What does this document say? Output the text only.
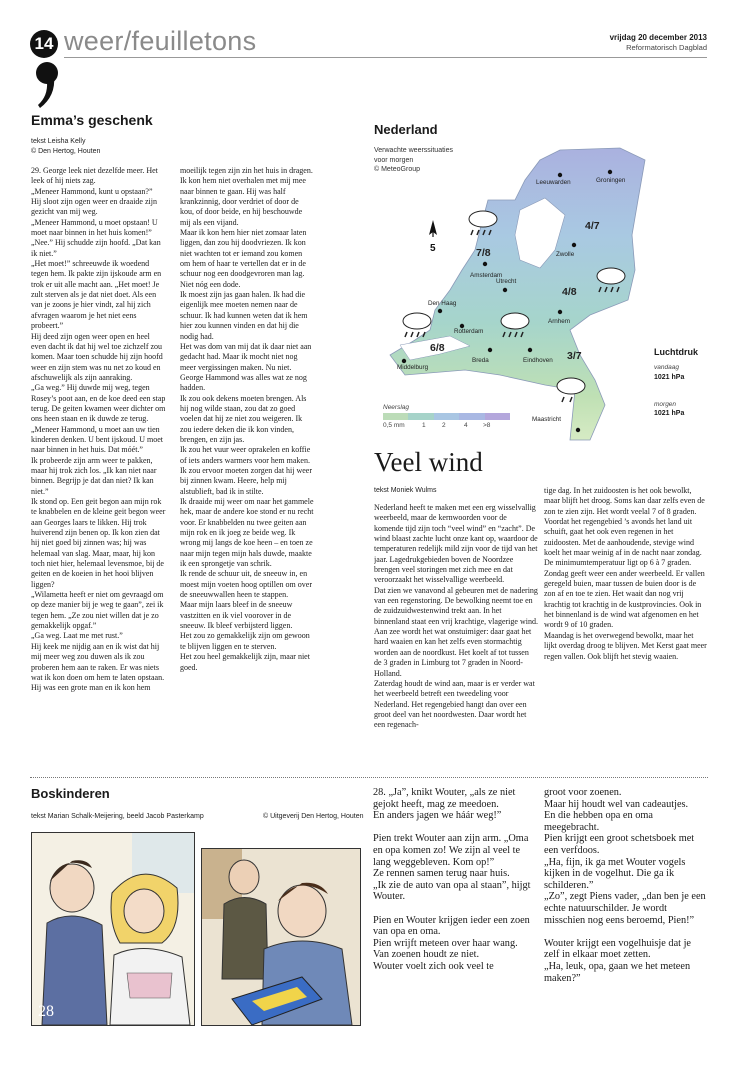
14 weer/feuilletons	vrijdag 20 december 2013
Reformatorisch Dagblad
Emma’s geschenk
tekst Leisha Kelly
© Den Hertog, Houten
29. George leek niet dezelfde meer. Het leek of hij niets zag.
„Meneer Hammond, kunt u opstaan?”
Hij sloot zijn ogen weer en draaide zijn gezicht van mij weg.
„Meneer Hammond, u moet opstaan! U moet naar binnen in het huis komen!”
„Nee.” Hij schudde zijn hoofd. „Dat kan ik niet.”
„Het moet!” schreeuwde ik woedend tegen hem. Ik pakte zijn ijskoude arm en trok er uit alle macht aan. „Het moet! Je zult sterven als je dat niet doet. Als een van je zoons je hier vindt, zal hij zich afvragen waarom je het niet eens probeert.”
Hij deed zijn ogen weer open en heel even dacht ik dat hij wel toe zichzelf zou komen. Maar toen schudde hij zijn hoofd weer en zijn stem was nu net zo koud en afschuwelijk als zijn aanraking.
„Ga weg.” Hij duwde mij weg, tegen Rosey’s poot aan, en de koe deed een stap terug. De geiten kwamen weer dichter om ons heen staan en ik duwde ze terug.
„Meneer Hammond, u moet aan uw tien kinderen denken. U bent ijskoud. U moet naar binnen in het huis. Dat móét.”
Ik probeerde zijn arm weer te pakken, maar hij trok zich los. „Ik kan niet naar binnen. Begrijp je dat dan niet? Ik kan niet.”
Ik stond op. Een geit begon aan mijn rok te knabbelen en de kleine geit begon weer aan Georges laars te likken. Hij trok huiverend zijn benen op. Ik kon zien dat hij niet goed bij zinnen was; hij was helemaal van slag. Maar, maar, hij kon toch niet hier, helemaal levensmoe, bij de geiten en de koeien in het hooi blijven liggen?
„Wilametta heeft er niet om gevraagd om op deze manier bij je weg te gaan”, zei ik tegen hem. „Ze zou niet willen dat je zo gemakkelijk opgaf.”
„Ga weg. Laat me met rust.”
Hij keek me nijdig aan en ik wist dat hij mij meer weg zou duwen als ik zou proberen hem aan te raken. Er was niets wat ik kon doen om hem te laten opstaan. Hij was een grote man en ik kon hem
moeilijk tegen zijn zin het huis in dragen. Ik kon hem niet overhalen met mij mee naar binnen te gaan. Hij was half krankzinnig, door verdriet of door de kou, of door beide, en hij beschouwde mij als een vijand.
Maar ik kon hem hier niet zomaar laten liggen, dan zou hij doodvriezen. Ik kon niet wachten tot er iemand zou komen om hem of haar te vertellen dat er in de schuur nog een doodgevroren man lag. Niet nóg een dode.
Ik moest zijn jas gaan halen. Ik had die eigenlijk mee moeten nemen naar de schuur. Ik had kunnen weten dat ik hem hier zou kunnen vinden en dat hij die nodig had.
Het was dom van mij dat ik daar niet aan gedacht had. Maar ik mocht niet nog meer vergissingen maken. Nu niet. George Hammond was alles wat ze nog hadden.
Ik zou ook dekens moeten brengen. Als hij nog wilde staan, zou dat zo goed voelen dat hij ze niet zou weigeren. Ik zou iedere deken die ik kon vinden, brengen, en zijn jas.
Ik zou het vuur weer oprakelen en koffie of iets anders warmers voor hem maken. Ik zou ervoor moeten zorgen dat hij weer bij zinnen kwam. Heere, help mij alstublieft, bad ik in stilte.
Ik draaide mij weer om naar het gammele hek, maar de andere koe stond er nu recht voor. Er knabbelden nu twee geiten aan mijn rok en ik joeg ze beide weg. Ik wrong mij langs de koe heen – en toen ze naar mijn tegen mijn hals duwde, maakte ik een sprongetje van schrik.
Ik rende de schuur uit, de sneeuw in, en moest mijn voeten hoog optillen om over de sneeuwwallen heen te stappen.
Maar mijn laars bleef in de sneeuw vastzitten en ik viel voorover in de sneeuw. Ik bleef verbijsterd liggen.
Het zou zo gemakkelijk zijn om gewoon te blijven liggen en te sterven.
Het zou heel gemakkelijk zijn, maar niet goed.
Nederland
Verwachte weerssituaties
voor morgen
© MeteoGroup
Leeuwarden	Groningen
Zwolle
Amsterdam
Den Haag
Utrecht
Rotterdam
Arnhem
Breda	Eindhoven
Middelburg
Maastricht
4/7
7/8
4/8
6/8
3/7
5
Luchtdruk
vandaag
1021 hPa
morgen
1021 hPa
Neerslag
0,5 mm	1	2	4 >8
Veel wind
tekst Moniek Wulms
Nederland heeft te maken met een erg wisselvallig weerbeeld, maar de kernwoorden voor de komende tijd zijn toch “veel wind” en “zacht”. De wind blaast zachte lucht onze kant op, waardoor de temperaturen redelijk mild zijn voor de tijd van het jaar. Lagedrukgebieden boven de Noordzee brengen veel storingen met zich mee en dat veroorzaakt het wisselvallige weerbeeld.
Dat zien we vanavond al gebeuren met de nadering van een regenstoring. De bewolking neemt toe en de zuidzuidwestenwind trekt aan. In het binnenland staat een vrij krachtige, vlagerige wind. Aan zee wordt het wat onstuimiger: daar gaat het hard waaien en kan het zelfs even stormachtig worden aan de noordkust. Het koelt af tot tussen de 3 graden in Limburg tot 7 graden in Noord-Holland.
Zaterdag houdt de wind aan, maar is er verder wat het weerbeeld betreft een tweedeling voor Nederland. Het regengebied hangt dan over een groot deel van het noordwesten. Daar wordt het een regenach-
tige dag. In het zuidoosten is het ook bewolkt, maar blijft het droog. Soms kan daar zelfs even de zon te zien zijn. Het wordt veelal 7 of 8 graden. Voordat het regengebied ’s avonds het land uit schuift, gaat het ook even regenen in het zuidoosten. Met de aanhoudende, stevige wind koelt het maar weinig af in de nacht naar zondag. De minimumtemperatuur ligt op 6 à 7 graden.
Zondag geeft weer een ander weerbeeld. Er vallen geregeld buien, maar tussen de buien door is de zon af en toe te zien. Het waait dan nog vrij krachtig tot krachtig in de kustprovincies. Ook in het binnenland is de wind wat afgenomen en het wordt 9 of 10 graden.
Maandag is het overwegend bewolkt, maar het lijkt overdag droog te blijven. Met Kerst gaat meer regen vallen. Ook blijft het stevig waaien.
Boskinderen
tekst Marian Schalk-Meijering, beeld Jacob Pasterkamp	© Uitgeverij Den Hertog, Houten
28
28. „Ja”, knikt Wouter, „als ze niet gejokt heeft, mag ze meedoen.
En anders jagen we háár weg!”

Pien trekt Wouter aan zijn arm. „Oma en opa komen zo! We zijn al veel te lang weggebleven. Kom op!”
Ze rennen samen terug naar huis.
„Ik zie de auto van opa al staan”, hijgt Wouter.

Pien en Wouter krijgen ieder een zoen van opa en oma.
Pien wrijft meteen over haar wang.
Van zoenen houdt ze niet.
Wouter voelt zich ook veel te
groot voor zoenen.
Maar hij houdt wel van cadeautjes.
En die hebben opa en oma meegebracht.
Pien krijgt een groot schetsboek met een verfdoos.
„Ha, fijn, ik ga met Wouter vogels kijken in de vogelhut. Die ga ik schilderen.”
„Zo”, zegt Piens vader, „dan ben je een echte natuurschilder. Je wordt misschien nog eens beroemd, Pien!”

Wouter krijgt een vogelhuisje dat je zelf in elkaar moet zetten.
„Ha, leuk, opa, gaan we het meteen maken?”
